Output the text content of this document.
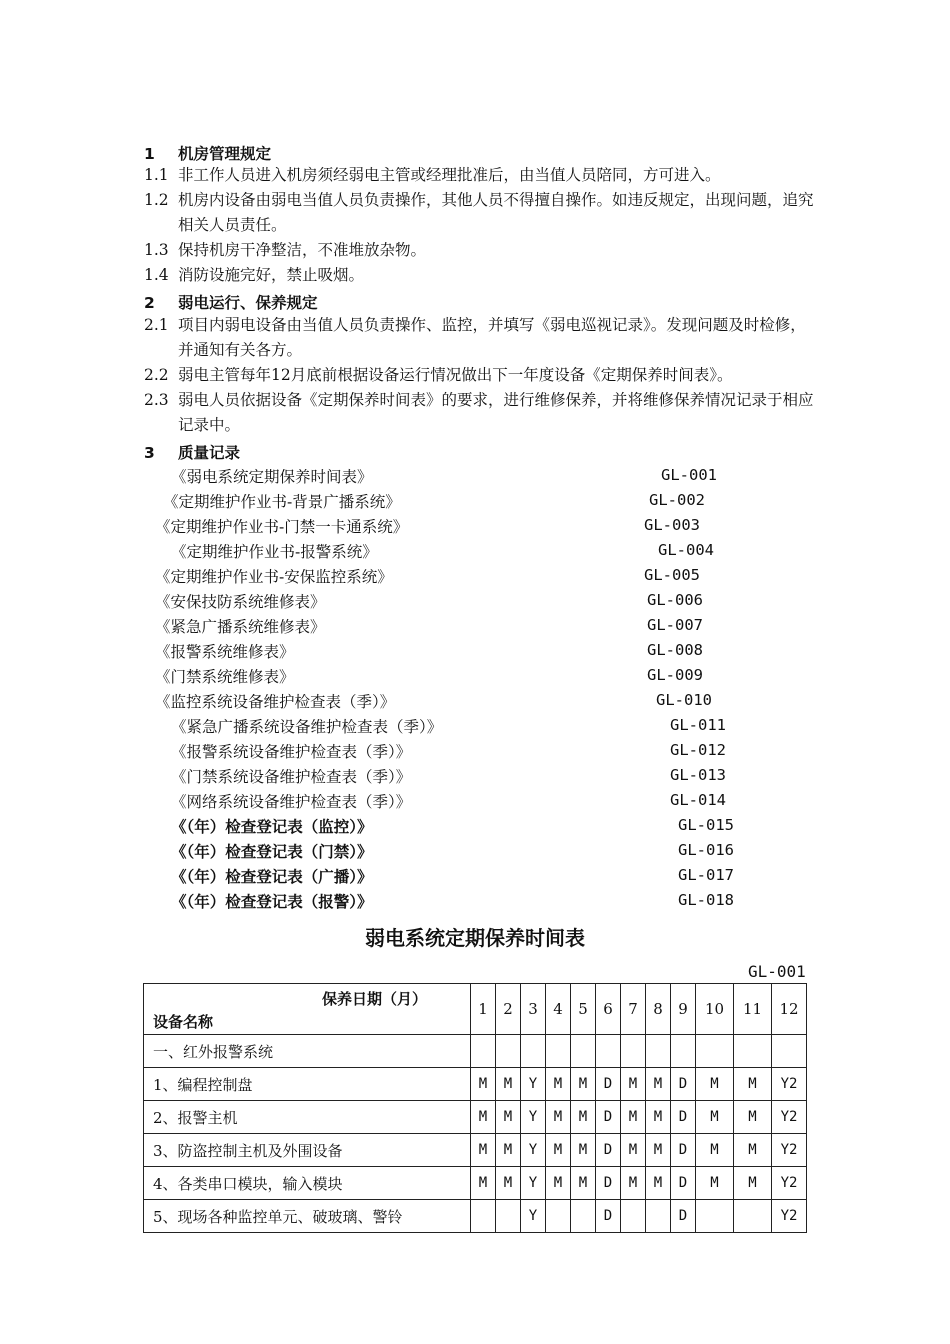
1 机房管理规定
1.1 非工作人员进入机房须经弱电主管或经理批准后，由当值人员陪同，方可进入。
1.2 机房内设备由弱电当值人员负责操作，其他人员不得擅自操作。如违反规定，出现问题，追究相关人员责任。
1.3 保持机房干净整洁，不准堆放杂物。
1.4 消防设施完好，禁止吸烟。
2 弱电运行、保养规定
2.1 项目内弱电设备由当值人员负责操作、监控，并填写《弱电巡视记录》。发现问题及时检修，并通知有关各方。
2.2 弱电主管每年12月底前根据设备运行情况做出下一年度设备《定期保养时间表》。
2.3 弱电人员依据设备《定期保养时间表》的要求，进行维修保养，并将维修保养情况记录于相应记录中。
3 质量记录
《弱电系统定期保养时间表》	GL-001
《定期维护作业书-背景广播系统》	GL-002
《定期维护作业书-门禁一卡通系统》	GL-003
《定期维护作业书-报警系统》	GL-004
《定期维护作业书-安保监控系统》	GL-005
《安保技防系统维修表》	GL-006
《紧急广播系统维修表》	GL-007
《报警系统维修表》	GL-008
《门禁系统维修表》	GL-009
《监控系统设备维护检查表（季）》	GL-010
《紧急广播系统设备维护检查表（季）》	GL-011
《报警系统设备维护检查表（季）》	GL-012
《门禁系统设备维护检查表（季）》	GL-013
《网络系统设备维护检查表（季）》	GL-014
《（年）检查登记表（监控）》	GL-015
《（年）检查登记表（门禁）》	GL-016
《（年）检查登记表（广播）》	GL-017
《（年）检查登记表（报警）》	GL-018
弱电系统定期保养时间表
GL-001
保养日期（月）
设备名称	1	2	3	4	5	6	7	8	9	10	11	12
一、红外报警系统												
1、编程控制盘	M	M	Y	M	M	D	M	M	D	M	M	Y2
2、报警主机	M	M	Y	M	M	D	M	M	D	M	M	Y2
3、防盗控制主机及外围设备	M	M	Y	M	M	D	M	M	D	M	M	Y2
4、各类串口模块，输入模块	M	M	Y	M	M	D	M	M	D	M	M	Y2
5、现场各种监控单元、破玻璃、警铃			Y			D			D			Y2
